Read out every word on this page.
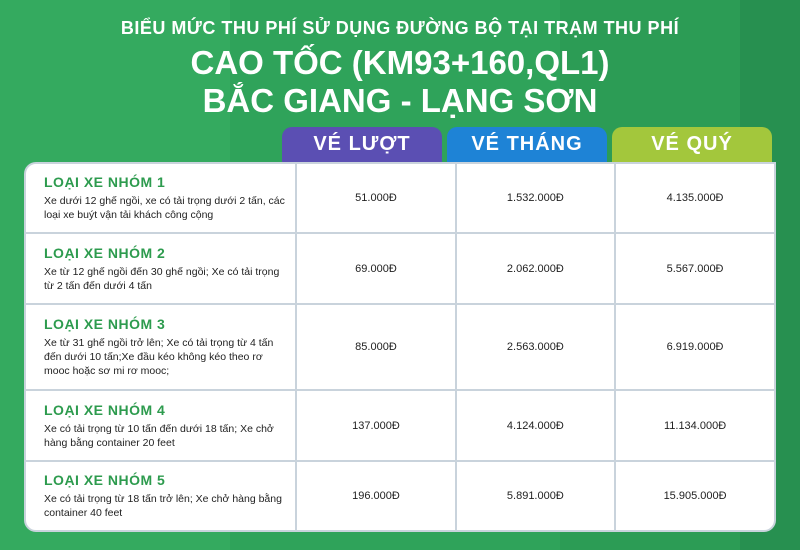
BIỂU MỨC THU PHÍ SỬ DỤNG ĐƯỜNG BỘ TẠI TRẠM THU PHÍ
CAO TỐC (KM93+160,QL1)
BẮC GIANG - LẠNG SƠN
VÉ LƯỢT	VÉ THÁNG	VÉ QUÝ
LOẠI XE NHÓM 1
Xe dưới 12 ghế ngồi, xe có tải trọng dưới 2 tấn, các loại xe buýt vận tải khách công cộng	51.000Đ	1.532.000Đ	4.135.000Đ

LOẠI XE NHÓM 2
Xe từ 12 ghế ngồi đến 30 ghế ngồi; Xe có tải trọng từ 2 tấn đến dưới 4 tấn	69.000Đ	2.062.000Đ	5.567.000Đ

LOẠI XE NHÓM 3
Xe từ 31 ghế ngồi trở lên; Xe có tải trọng từ 4 tấn đến dưới 10 tấn;Xe đầu kéo không kéo theo rơ mooc hoặc sơ mi rơ mooc;	85.000Đ	2.563.000Đ	6.919.000Đ

LOẠI XE NHÓM 4
Xe có tải trọng từ 10 tấn đến dưới 18 tấn; Xe chở hàng bằng container 20 feet	137.000Đ	4.124.000Đ	11.134.000Đ

LOẠI XE NHÓM 5
Xe có tải trọng từ 18 tấn trở lên; Xe chở hàng bằng container 40 feet	196.000Đ	5.891.000Đ	15.905.000Đ
